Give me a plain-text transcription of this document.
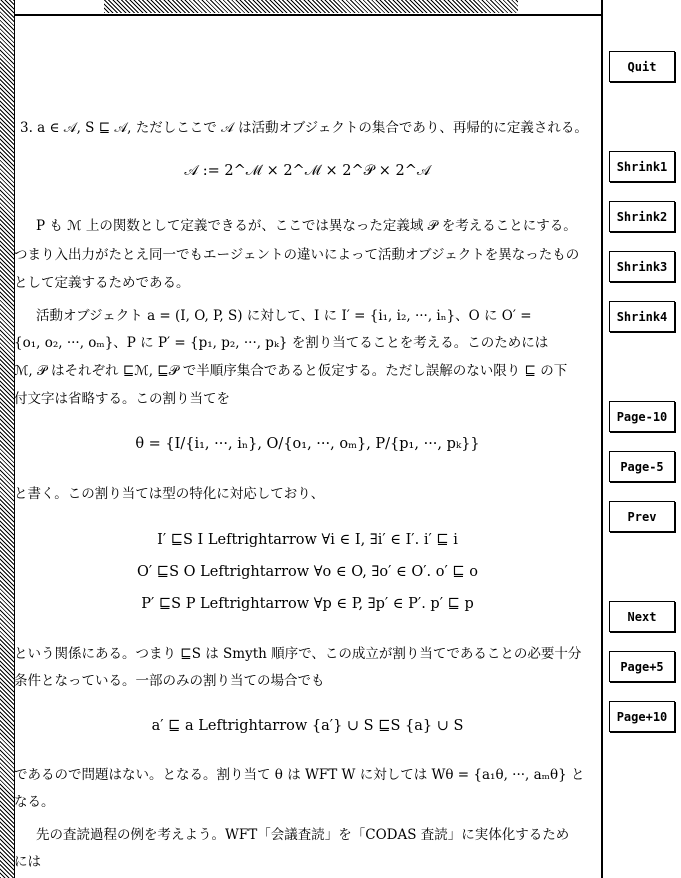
3. a ∈ 𝒜, S ⊑ 𝒜, ただしここで 𝒜 は活動オブジェクトの集合であり、再帰的に定義される。
𝒜 := 2^ℳ × 2^ℳ × 2^𝒫 × 2^𝒜
P も ℳ 上の関数として定義できるが、ここでは異なった定義域 𝒫 を考えることにする。
つまり入出力がたとえ同一でもエージェントの違いによって活動オブジェクトを異なったもの
として定義するためである。
活動オブジェクト a = (I, O, P, S) に対して、I に I′ = {i₁, i₂, ···, iₙ}、O に O′ =
{o₁, o₂, ···, oₘ}、P に P′ = {p₁, p₂, ···, pₖ} を割り当てることを考える。このためには
ℳ, 𝒫 はそれぞれ ⊑ℳ, ⊑𝒫 で半順序集合であると仮定する。ただし誤解のない限り ⊑ の下
付文字は省略する。この割り当てを
θ = {I/{i₁, ···, iₙ}, O/{o₁, ···, oₘ}, P/{p₁, ···, pₖ}}
と書く。この割り当ては型の特化に対応しており、
I′ ⊑S I Leftrightarrow ∀i ∈ I, ∃i′ ∈ I′. i′ ⊑ i
O′ ⊑S O Leftrightarrow ∀o ∈ O, ∃o′ ∈ O′. o′ ⊑ o
P′ ⊑S P Leftrightarrow ∀p ∈ P, ∃p′ ∈ P′. p′ ⊑ p
という関係にある。つまり ⊑S は Smyth 順序で、この成立が割り当てであることの必要十分
条件となっている。一部のみの割り当ての場合でも
a′ ⊑ a Leftrightarrow {a′} ∪ S ⊑S {a} ∪ S
であるので問題はない。となる。割り当て θ は WFT W に対しては Wθ = {a₁θ, ···, aₘθ} と
なる。
先の査読過程の例を考えよう。WFT「会議査読」を「CODAS 査読」に実体化するため
には
Quit
Shrink1
Shrink2
Shrink3
Shrink4
Page-10
Page-5
Prev
Next
Page+5
Page+10
